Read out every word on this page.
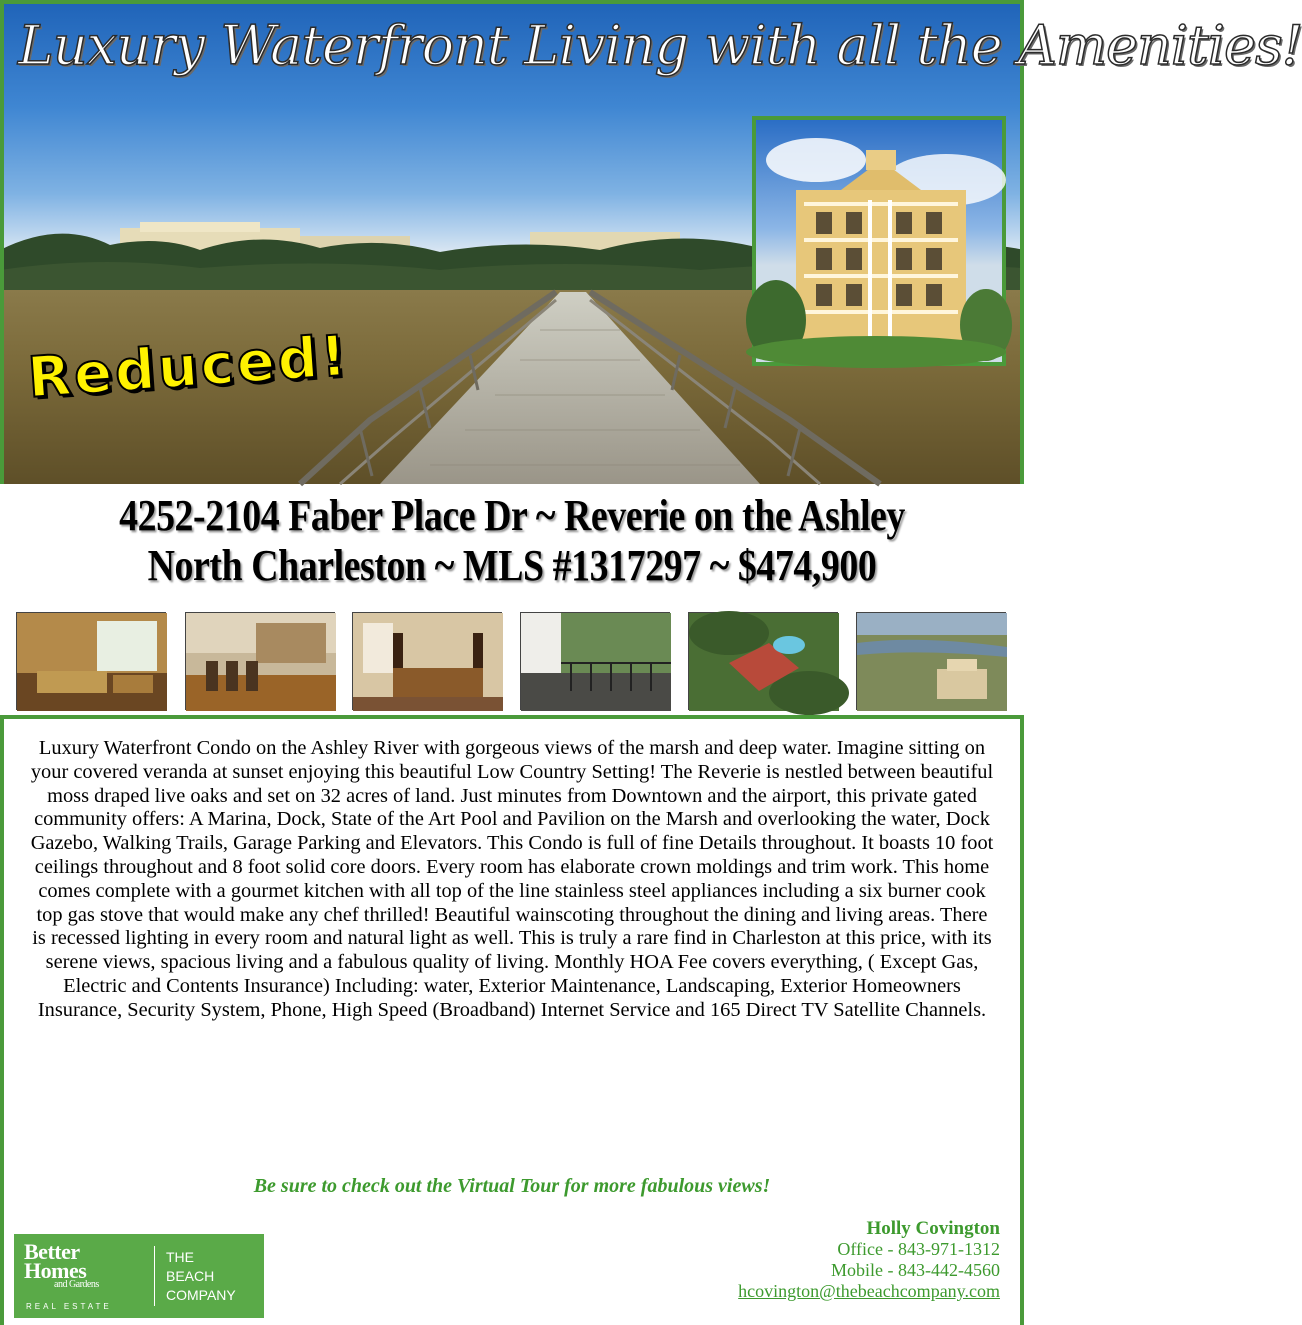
Luxury Waterfront Living with all the Amenities!
Reduced!
4252-2104 Faber Place Dr ~ Reverie on the Ashley
North Charleston ~ MLS #1317297 ~ $474,900

Luxury Waterfront Condo on the Ashley River with gorgeous views of the marsh and deep water. Imagine sitting on your covered veranda at sunset enjoying this beautiful Low Country Setting! The Reverie is nestled between beautiful moss draped live oaks and set on 32 acres of land. Just minutes from Downtown and the airport, this private gated community offers: A Marina, Dock, State of the Art Pool and Pavilion on the Marsh and overlooking the water, Dock Gazebo, Walking Trails, Garage Parking and Elevators. This Condo is full of fine Details throughout. It boasts 10 foot ceilings throughout and 8 foot solid core doors. Every room has elaborate crown moldings and trim work. This home comes complete with a gourmet kitchen with all top of the line stainless steel appliances including a six burner cook top gas stove that would make any chef thrilled! Beautiful wainscoting throughout the dining and living areas. There is recessed lighting in every room and natural light as well. This is truly a rare find in Charleston at this price, with its serene views, spacious living and a fabulous quality of living. Monthly HOA Fee covers everything, ( Except Gas, Electric and Contents Insurance) Including: water, Exterior Maintenance, Landscaping, Exterior Homeowners Insurance, Security System, Phone, High Speed (Broadband) Internet Service and 165 Direct TV Satellite Channels.

Be sure to check out the Virtual Tour for more fabulous views!

Better
Homes
and Gardens
REAL ESTATE
THE
BEACH
COMPANY
Holly Covington
Office - 843-971-1312
Mobile - 843-442-4560
hcovington@thebeachcompany.com
